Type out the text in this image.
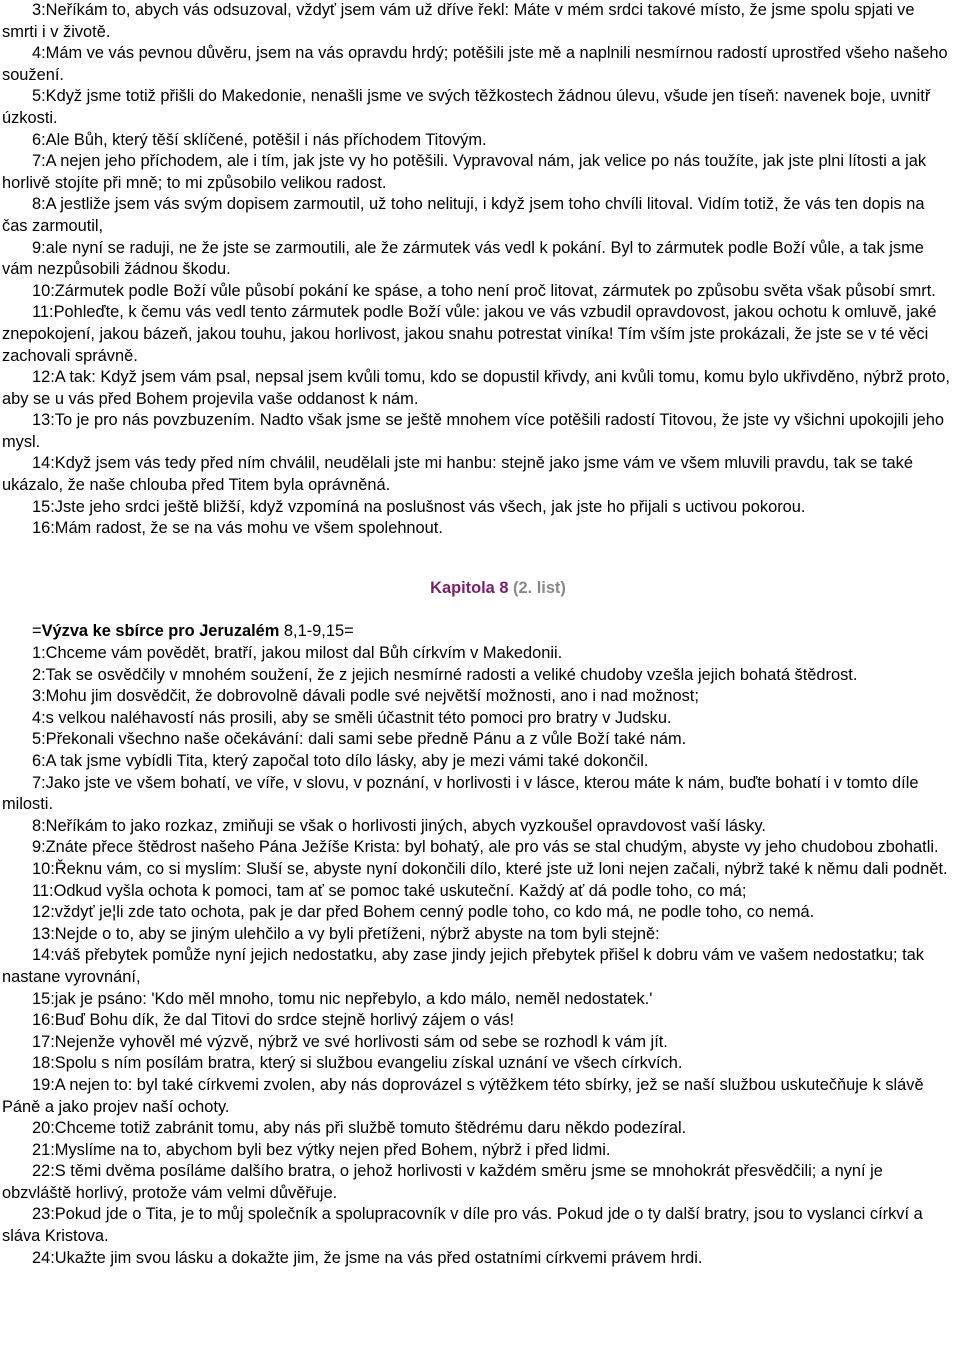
3:Neříkám to, abych vás odsuzoval, vždyť jsem vám už dříve řekl: Máte v mém srdci takové místo, že jsme spolu spjati ve smrti i v životě.

4:Mám ve vás pevnou důvěru, jsem na vás opravdu hrdý; potěšili jste mě a naplnili nesmírnou radostí uprostřed všeho našeho soužení.

5:Když jsme totiž přišli do Makedonie, nenašli jsme ve svých těžkostech žádnou úlevu, všude jen tíseň: navenek boje, uvnitř úzkosti.

6:Ale Bůh, který těší sklíčené, potěšil i nás příchodem Titovým.

7:A nejen jeho příchodem, ale i tím, jak jste vy ho potěšili. Vypravoval nám, jak velice po nás toužíte, jak jste plni lítosti a jak horlivě stojíte při mně; to mi způsobilo velikou radost.

8:A jestliže jsem vás svým dopisem zarmoutil, už toho nelituji, i když jsem toho chvíli litoval. Vidím totiž, že vás ten dopis na čas zarmoutil,

9:ale nyní se raduji, ne že jste se zarmoutili, ale že zármutek vás vedl k pokání. Byl to zármutek podle Boží vůle, a tak jsme vám nezpůsobili žádnou škodu.

10:Zármutek podle Boží vůle působí pokání ke spáse, a toho není proč litovat, zármutek po způsobu světa však působí smrt.

11:Pohleďte, k čemu vás vedl tento zármutek podle Boží vůle: jakou ve vás vzbudil opravdovost, jakou ochotu k omluvě, jaké znepokojení, jakou bázeň, jakou touhu, jakou horlivost, jakou snahu potrestat viníka! Tím vším jste prokázali, že jste se v té věci zachovali správně.

12:A tak: Když jsem vám psal, nepsal jsem kvůli tomu, kdo se dopustil křivdy, ani kvůli tomu, komu bylo ukřivděno, nýbrž proto, aby se u vás před Bohem projevila vaše oddanost k nám.

13:To je pro nás povzbuzením. Nadto však jsme se ještě mnohem více potěšili radostí Titovou, že jste vy všichni upokojili jeho mysl.

14:Když jsem vás tedy před ním chválil, neudělali jste mi hanbu: stejně jako jsme vám ve všem mluvili pravdu, tak se také ukázalo, že naše chlouba před Titem byla oprávněná.

15:Jste jeho srdci ještě bližší, když vzpomíná na poslušnost vás všech, jak jste ho přijali s uctivou pokorou.

16:Mám radost, že se na vás mohu ve všem spolehnout.

Kapitola 8 (2. list)

=Výzva ke sbírce pro Jeruzalém 8,1-9,15=

1:Chceme vám povědět, bratří, jakou milost dal Bůh církvím v Makedonii.

2:Tak se osvědčily v mnohém soužení, že z jejich nesmírné radosti a veliké chudoby vzešla jejich bohatá štědrost.

3:Mohu jim dosvědčit, že dobrovolně dávali podle své největší možnosti, ano i nad možnost;

4:s velkou naléhavostí nás prosili, aby se směli účastnit této pomoci pro bratry v Judsku.

5:Překonali všechno naše očekávání: dali sami sebe předně Pánu a z vůle Boží také nám.

6:A tak jsme vybídli Tita, který započal toto dílo lásky, aby je mezi vámi také dokončil.

7:Jako jste ve všem bohatí, ve víře, v slovu, v poznání, v horlivosti i v lásce, kterou máte k nám, buďte bohatí i v tomto díle milosti.

8:Neříkám to jako rozkaz, zmiňuji se však o horlivosti jiných, abych vyzkoušel opravdovost vaší lásky.

9:Znáte přece štědrost našeho Pána Ježíše Krista: byl bohatý, ale pro vás se stal chudým, abyste vy jeho chudobou zbohatli.

10:Řeknu vám, co si myslím: Sluší se, abyste nyní dokončili dílo, které jste už loni nejen začali, nýbrž také k němu dali podnět.

11:Odkud vyšla ochota k pomoci, tam ať se pomoc také uskuteční. Každý ať dá podle toho, co má;

12:vždyť je¦li zde tato ochota, pak je dar před Bohem cenný podle toho, co kdo má, ne podle toho, co nemá.

13:Nejde o to, aby se jiným ulehčilo a vy byli přetíženi, nýbrž abyste na tom byli stejně:

14:váš přebytek pomůže nyní jejich nedostatku, aby zase jindy jejich přebytek přišel k dobru vám ve vašem nedostatku; tak nastane vyrovnání,

15:jak je psáno: 'Kdo měl mnoho, tomu nic nepřebylo, a kdo málo, neměl nedostatek.'

16:Buď Bohu dík, že dal Titovi do srdce stejně horlivý zájem o vás!

17:Nejenže vyhověl mé výzvě, nýbrž ve své horlivosti sám od sebe se rozhodl k vám jít.

18:Spolu s ním posílám bratra, který si službou evangeliu získal uznání ve všech církvích.

19:A nejen to: byl také církvemi zvolen, aby nás doprovázel s výtěžkem této sbírky, jež se naší službou uskutečňuje k slávě Páně a jako projev naší ochoty.

20:Chceme totiž zabránit tomu, aby nás při službě tomuto štědrému daru někdo podezíral.

21:Myslíme na to, abychom byli bez výtky nejen před Bohem, nýbrž i před lidmi.

22:S těmi dvěma posíláme dalšího bratra, o jehož horlivosti v každém směru jsme se mnohokrát přesvědčili; a nyní je obzvláště horlivý, protože vám velmi důvěřuje.

23:Pokud jde o Tita, je to můj společník a spolupracovník v díle pro vás. Pokud jde o ty další bratry, jsou to vyslanci církví a sláva Kristova.

24:Ukažte jim svou lásku a dokažte jim, že jsme na vás před ostatními církvemi právem hrdi.
